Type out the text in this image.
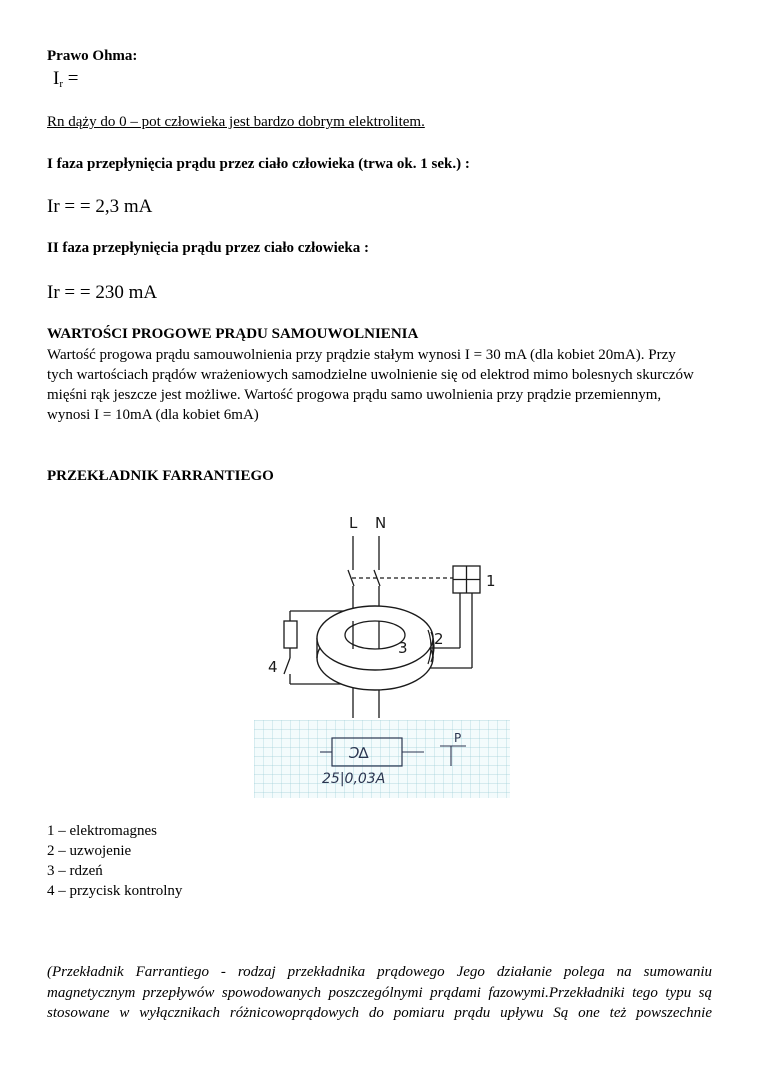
Prawo Ohma:
$I_r$ =
Rn dąży do 0 – pot człowieka jest bardzo dobrym elektrolitem.
I faza przepłynięcia prądu przez ciało człowieka (trwa ok. 1 sek.) :
Ir = = 2,3 mA
II faza przepłynięcia prądu przez ciało człowieka :
Ir = = 230 mA
WARTOŚCI PROGOWE PRĄDU SAMOUWOLNIENIA
Wartość progowa prądu samouwolnienia przy prądzie stałym wynosi I = 30 mA (dla kobiet 20mA). Przy
tych wartościach prądów wrażeniowych samodzielne uwolnienie się od elektrod mimo bolesnych skurczów
mięśni rąk jeszcze jest możliwe. Wartość progowa prądu samo uwolnienia przy prądzie przemiennym,
wynosi I = 10mA (dla kobiet 6mA)
PRZEKŁADNIK FARRANTIEGO
L N
1
2
3
4
Ͻ∆
P
25|0,03A
1 – elektromagnes
2 – uzwojenie
3 – rdzeń
4 – przycisk kontrolny
(Przekładnik Farrantiego - rodzaj przekładnika prądowego Jego działanie polega na sumowaniu
magnetycznym przepływów spowodowanych poszczególnymi prądami fazowymi.Przekładniki tego typu są
stosowane w wyłącznikach różnicowoprądowych do pomiaru prądu upływu Są one też powszechnie
